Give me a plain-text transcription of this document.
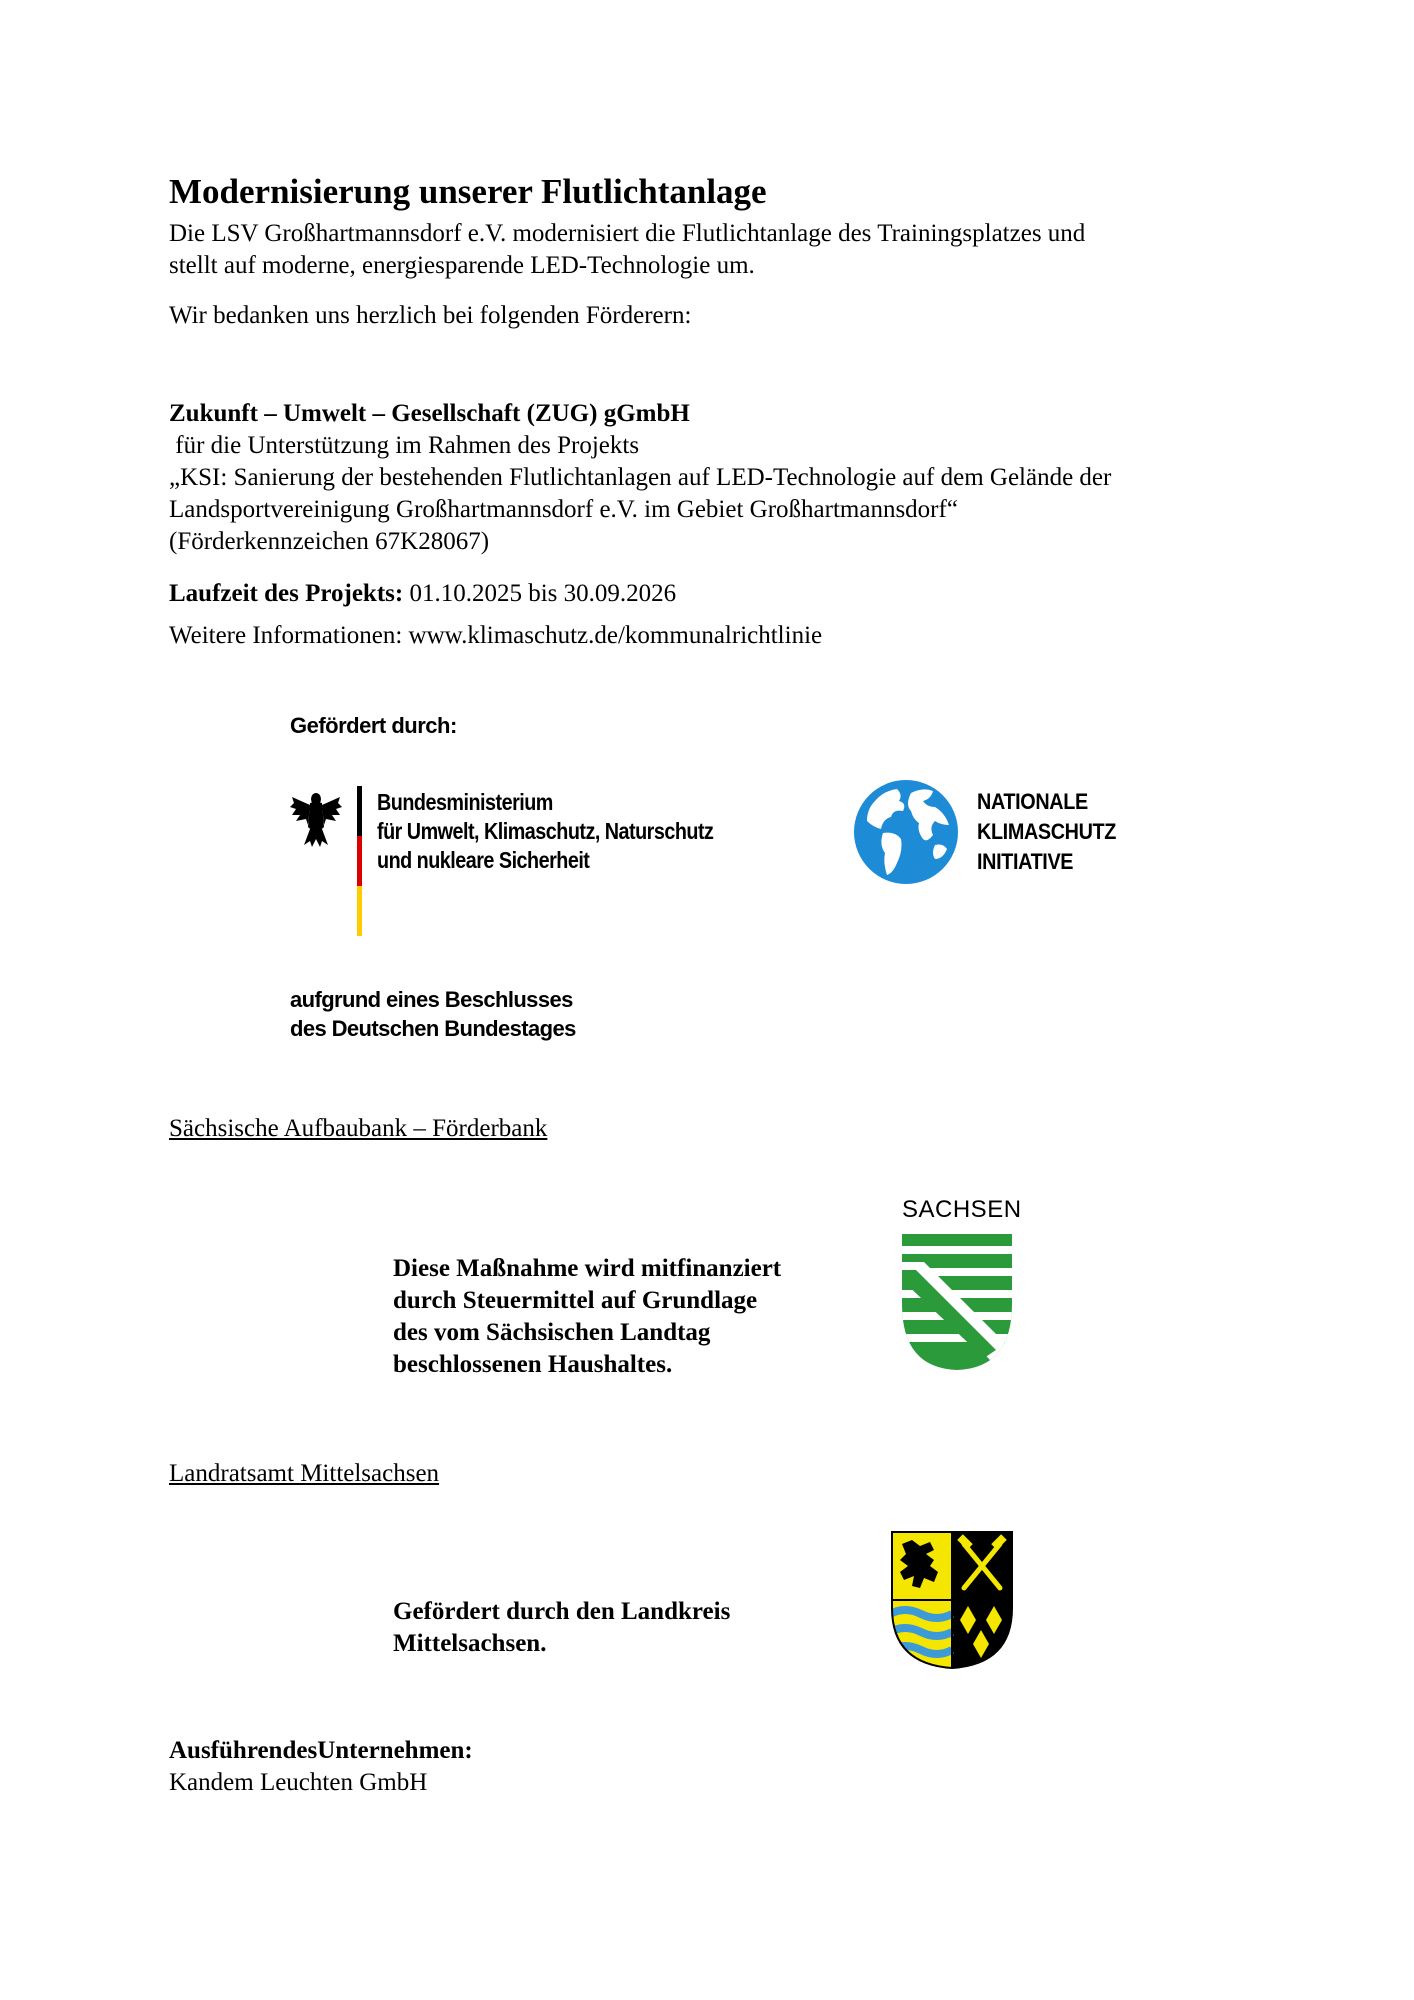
Modernisierung unserer Flutlichtanlage
Die LSV Großhartmannsdorf e.V. modernisiert die Flutlichtanlage des Trainingsplatzes und
stellt auf moderne, energiesparende LED-Technologie um.
Wir bedanken uns herzlich bei folgenden Förderern:
Zukunft – Umwelt – Gesellschaft (ZUG) gGmbH
für die Unterstützung im Rahmen des Projekts
„KSI: Sanierung der bestehenden Flutlichtanlagen auf LED-Technologie auf dem Gelände der
Landsportvereinigung Großhartmannsdorf e.V. im Gebiet Großhartmannsdorf“
(Förderkennzeichen 67K28067)
Laufzeit des Projekts: 01.10.2025 bis 30.09.2026
Weitere Informationen: www.klimaschutz.de/kommunalrichtlinie
Gefördert durch:
Bundesministerium
für Umwelt, Klimaschutz, Naturschutz
und nukleare Sicherheit
aufgrund eines Beschlusses
des Deutschen Bundestages
NATIONALE
KLIMASCHUTZ
INITIATIVE
Sächsische Aufbaubank – Förderbank
Diese Maßnahme wird mitfinanziert
durch Steuermittel auf Grundlage
des vom Sächsischen Landtag
beschlossenen Haushaltes.
SACHSEN
Landratsamt Mittelsachsen
Gefördert durch den Landkreis
Mittelsachsen.
AusführendesUnternehmen:
Kandem Leuchten GmbH
